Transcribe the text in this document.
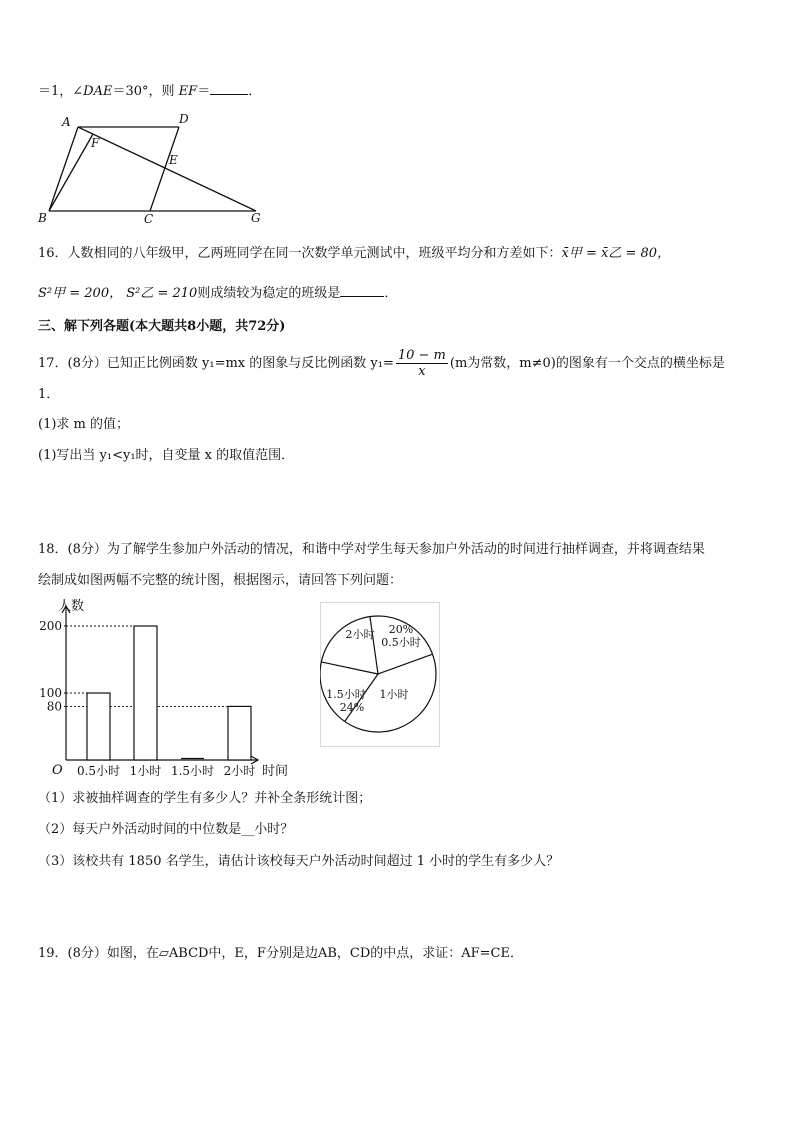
＝1，∠DAE＝30°，则 EF＝	．
A	D
F
E
B	C	G
16．人数相同的八年级甲，乙两班同学在同一次数学单元测试中，班级平均分和方差如下：x̄甲 = x̄乙 = 80，
S²甲 = 200， S²乙 = 210则成绩较为稳定的班级是	．
三、解下列各题(本大题共8小题，共72分)
17．(8分）已知正比例函数 y₁=mx 的图象与反比例函数 $y_1= \frac{10 - m}{x} (m$为常数，m≠0)的图象有一个交点的横坐标是
1．
(1)求 m 的值；
(1)写出当 y₁<y₁时，自变量 x 的取值范围．
18．(8分）为了解学生参加户外活动的情况，和谐中学对学生每天参加户外活动的时间进行抽样调查，并将调查结果
绘制成如图两幅不完整的统计图，根据图示，请回答下列问题：
0.5小时 1小时 1.5小时 2小时
200
100
80
人数
时间
O
2小时 20%
0.5小时
1小时
1.5小时
24%
（1）求被抽样调查的学生有多少人？并补全条形统计图；
（2）每天户外活动时间的中位数是__小时？
（3）该校共有 1850 名学生，请估计该校每天户外活动时间超过 1 小时的学生有多少人？
19．(8分）如图，在▱ABCD中，E，F分别是边AB，CD的中点，求证：AF=CE．
